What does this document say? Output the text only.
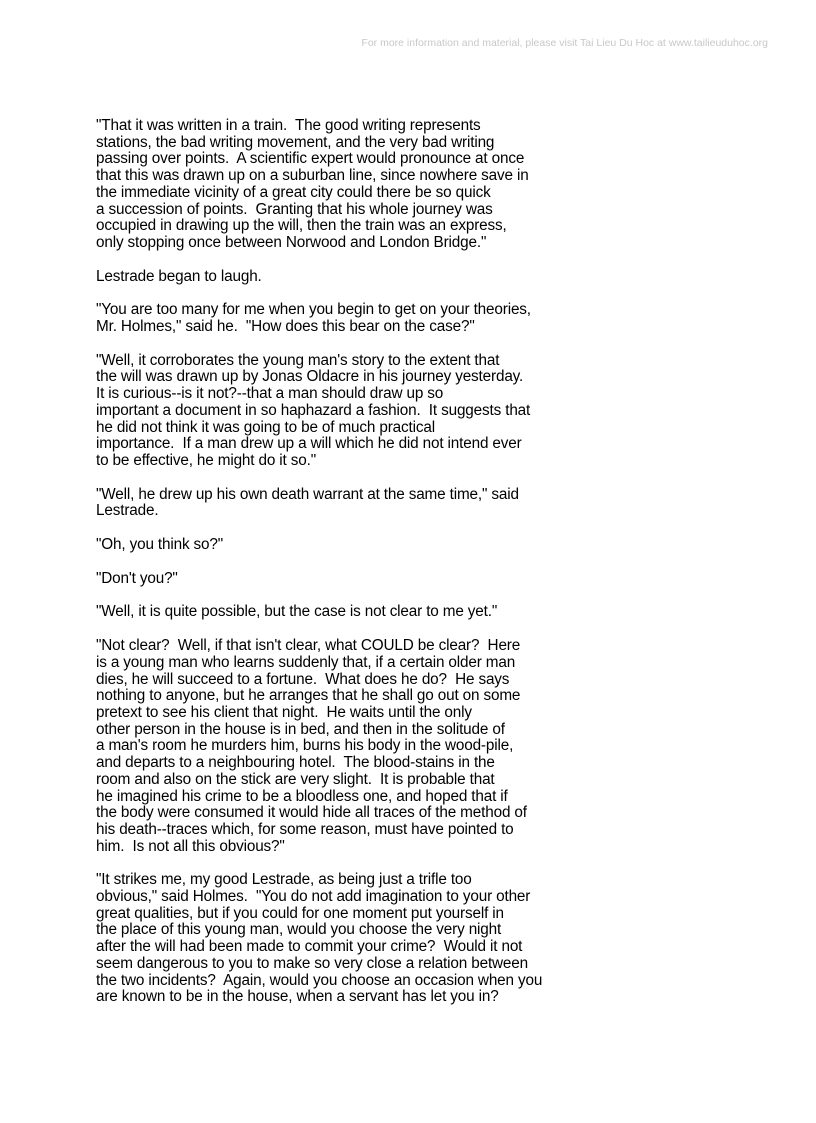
For more information and material, please visit Tai Lieu Du Hoc at www.tailieuduhoc.org
"That it was written in a train.  The good writing represents
stations, the bad writing movement, and the very bad writing
passing over points.  A scientific expert would pronounce at once
that this was drawn up on a suburban line, since nowhere save in
the immediate vicinity of a great city could there be so quick
a succession of points.  Granting that his whole journey was
occupied in drawing up the will, then the train was an express,
only stopping once between Norwood and London Bridge."
Lestrade began to laugh.
"You are too many for me when you begin to get on your theories,
Mr. Holmes," said he.  "How does this bear on the case?"
"Well, it corroborates the young man's story to the extent that
the will was drawn up by Jonas Oldacre in his journey yesterday.
It is curious--is it not?--that a man should draw up so
important a document in so haphazard a fashion.  It suggests that
he did not think it was going to be of much practical
importance.  If a man drew up a will which he did not intend ever
to be effective, he might do it so."
"Well, he drew up his own death warrant at the same time," said
Lestrade.
"Oh, you think so?"
"Don't you?"
"Well, it is quite possible, but the case is not clear to me yet."
"Not clear?  Well, if that isn't clear, what COULD be clear?  Here
is a young man who learns suddenly that, if a certain older man
dies, he will succeed to a fortune.  What does he do?  He says
nothing to anyone, but he arranges that he shall go out on some
pretext to see his client that night.  He waits until the only
other person in the house is in bed, and then in the solitude of
a man's room he murders him, burns his body in the wood-pile,
and departs to a neighbouring hotel.  The blood-stains in the
room and also on the stick are very slight.  It is probable that
he imagined his crime to be a bloodless one, and hoped that if
the body were consumed it would hide all traces of the method of
his death--traces which, for some reason, must have pointed to
him.  Is not all this obvious?"
"It strikes me, my good Lestrade, as being just a trifle too
obvious," said Holmes.  "You do not add imagination to your other
great qualities, but if you could for one moment put yourself in
the place of this young man, would you choose the very night
after the will had been made to commit your crime?  Would it not
seem dangerous to you to make so very close a relation between
the two incidents?  Again, would you choose an occasion when you
are known to be in the house, when a servant has let you in?
